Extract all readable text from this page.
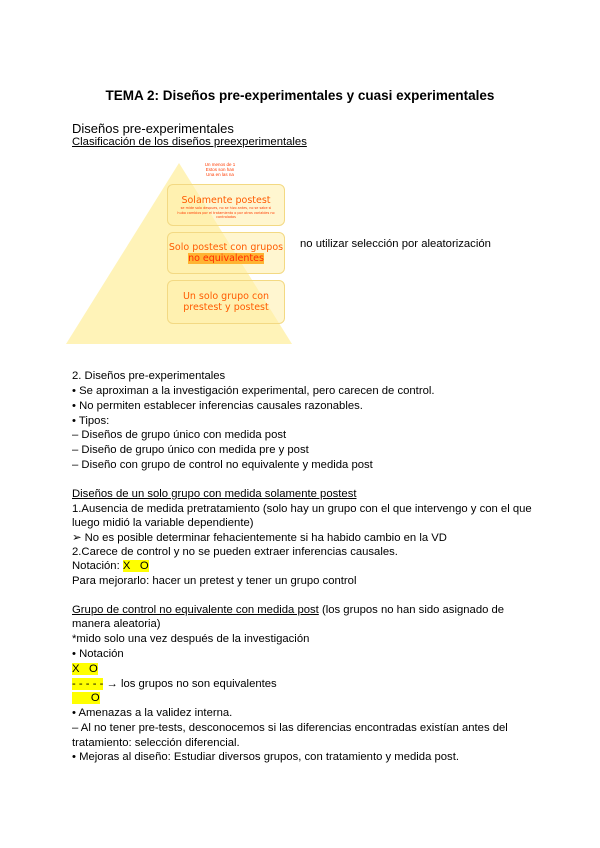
TEMA 2: Diseños pre-experimentales y cuasi experimentales
Diseños pre-experimentales
Clasificación de los diseños preexperimentales
Un menos de 1
Estos son han
Una en las na
Solamente postest
se mide solo despues, no se hizo antes, no se sabe si
hubo cambios por el tratamiento o por otras variables no controladas
Solo postest con grupos
no equivalentes
Un solo grupo con
prestest y postest
no utilizar selección por aleatorización
2. Diseños pre-experimentales
• Se aproximan a la investigación experimental, pero carecen de control.
• No permiten establecer inferencias causales razonables.
• Tipos:
– Diseños de grupo único con medida post
– Diseño de grupo único con medida pre y post
– Diseño con grupo de control no equivalente y medida post
Diseños de un solo grupo con medida solamente postest
1.Ausencia de medida pretratamiento (solo hay un grupo con el que intervengo y con el que
luego midió la variable dependiente)
➢ No es posible determinar fehacientemente si ha habido cambio en la VD
2.Carece de control y no se pueden extraer inferencias causales.
Notación: X   O
Para mejorarlo: hacer un pretest y tener un grupo control
Grupo de control no equivalente con medida post (los grupos no han sido asignado de
manera aleatoria)
*mido solo una vez después de la investigación
• Notación
X   O
- - - - - → los grupos no son equivalentes
O
• Amenazas a la validez interna.
– Al no tener pre-tests, desconocemos si las diferencias encontradas existían antes del
tratamiento: selección diferencial.
• Mejoras al diseño: Estudiar diversos grupos, con tratamiento y medida post.
